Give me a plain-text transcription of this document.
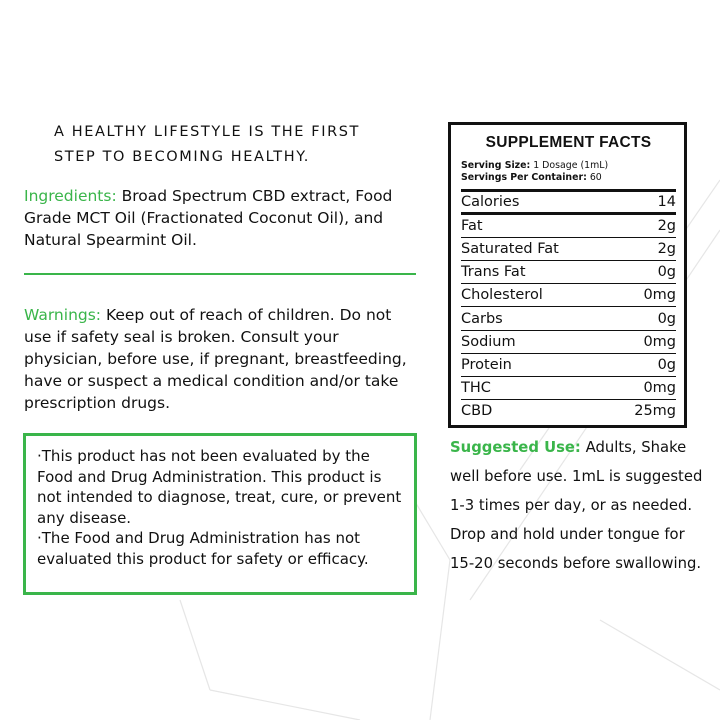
A HEALTHY LIFESTYLE IS THE FIRST STEP TO BECOMING HEALTHY.
Ingredients: Broad Spectrum CBD extract, Food Grade MCT Oil (Fractionated Coconut Oil), and Natural Spearmint Oil.
Warnings: Keep out of reach of children. Do not use if safety seal is broken. Consult your physician, before use, if pregnant, breastfeeding, have or suspect a medical condition and/or take prescription drugs.

·This product has not been evaluated by the Food and Drug Administration. This product is not intended to diagnose, treat, cure, or prevent any disease.

·The Food and Drug Administration has not evaluated this product for safety or efficacy.

SUPPLEMENT FACTS
Serving Size: 1 Dosage (1mL)
Servings Per Container: 60
Calories	14
Fat	2g
Saturated Fat	2g
Trans Fat	0g
Cholesterol	0mg
Carbs	0g
Sodium	0mg
Protein	0g
THC	0mg
CBD	25mg
Suggested Use: Adults, Shake well before use. 1mL is suggested 1-3 times per day, or as needed. Drop and hold under tongue for 15-20 seconds before swallowing.
